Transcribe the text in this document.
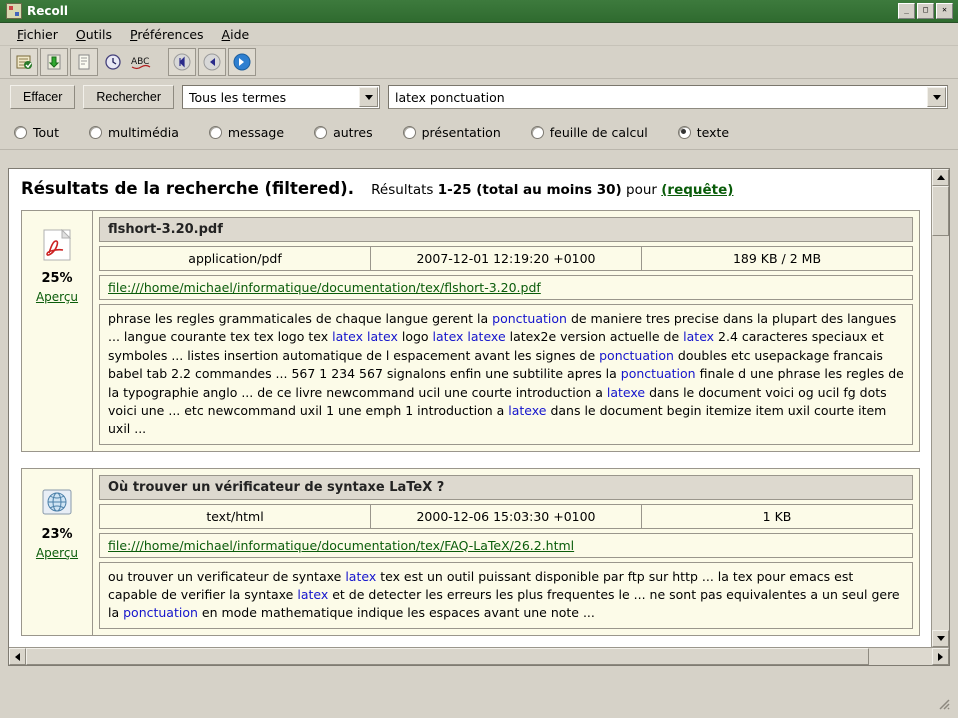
Recoll	_	□	✕
Fichier	Outils	Préférences	Aide
ABC
Effacer	Rechercher	Tous les termes	latex ponctuation
Tout	multimédia	message	autres	présentation	feuille de calcul	texte
Résultats de la recherche (filtered). Résultats 1-25 (total au moins 30) pour (requête)
25%
Aperçu
flshort-3.20.pdf
application/pdf	2007-12-01 12:19:20 +0100	189 KB / 2 MB
file:///home/michael/informatique/documentation/tex/flshort-3.20.pdf
phrase les regles grammaticales de chaque langue gerent la ponctuation de maniere tres precise dans la plupart des langues ... langue courante tex tex logo tex latex latex logo latex latexe latex2e version actuelle de latex 2.4 caracteres speciaux et symboles ... listes insertion automatique de l espacement avant les signes de ponctuation doubles etc usepackage francais babel tab 2.2 commandes ... 567 1 234 567 signalons enfin une subtilite apres la ponctuation finale d une phrase les regles de la typographie anglo ... de ce livre newcommand ucil une courte introduction a latexe dans le document voici og ucil fg dots voici une ... etc newcommand uxil 1 une emph 1 introduction a latexe dans le document begin itemize item uxil courte item uxil ...
23%
Aperçu
Où trouver un vérificateur de syntaxe LaTeX ?
text/html	2000-12-06 15:03:30 +0100	1 KB
file:///home/michael/informatique/documentation/tex/FAQ-LaTeX/26.2.html
ou trouver un verificateur de syntaxe latex tex est un outil puissant disponible par ftp sur http ... la tex pour emacs est capable de verifier la syntaxe latex et de detecter les erreurs les plus frequentes le ... ne sont pas equivalentes a un seul gere la ponctuation en mode mathematique indique les espaces avant une note ...
